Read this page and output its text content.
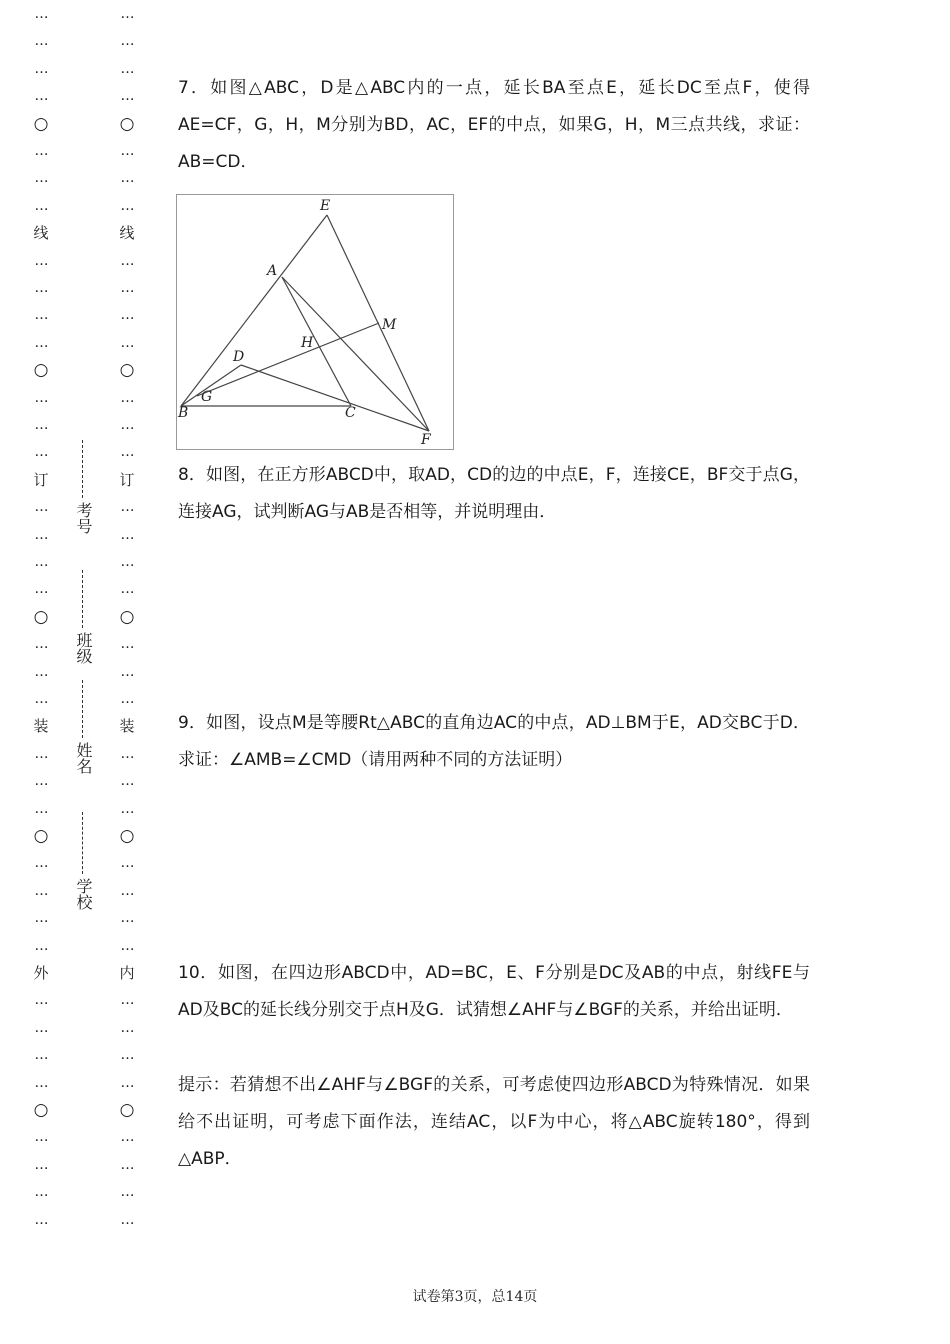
…
…
…
…
○
…
…
…
线
…
…
…
…
○
…
…
…
订
…
…
…
…
○
…
…
…
装
…
…
…
○
…
…
…
…
外
…
…
…
…
○
…
…
…
…
…
…
…
…
○
…
…
…
线
…
…
…
…
○
…
…
…
订
…
…
…
…
○
…
…
…
装
…
…
…
○
…
…
…
…
内
…
…
…
…
○
…
…
…
…
考号
班级
姓名
学校
7．如图△ABC，D是△ABC内的一点，延长BA至点E，延长DC至点F，使得AE=CF，G，H，M分别为BD，AC，EF的中点，如果G，H，M三点共线，求证：AB=CD．
8．如图，在正方形ABCD中，取AD，CD的边的中点E，F，连接CE，BF交于点G，连接AG，试判断AG与AB是否相等，并说明理由．
9．如图，设点M是等腰Rt△ABC的直角边AC的中点，AD⊥BM于E，AD交BC于D．求证：∠AMB=∠CMD（请用两种不同的方法证明）
10．如图，在四边形ABCD中，AD=BC，E、F分别是DC及AB的中点，射线FE与AD及BC的延长线分别交于点H及G．试猜想∠AHF与∠BGF的关系，并给出证明．
提示：若猜想不出∠AHF与∠BGF的关系，可考虑使四边形ABCD为特殊情况．如果给不出证明，可考虑下面作法，连结AC，以F为中心，将△ABC旋转180°，得到△ABP．
E
A
M
H
D
G
B	C
F
试卷第3页，总14页
